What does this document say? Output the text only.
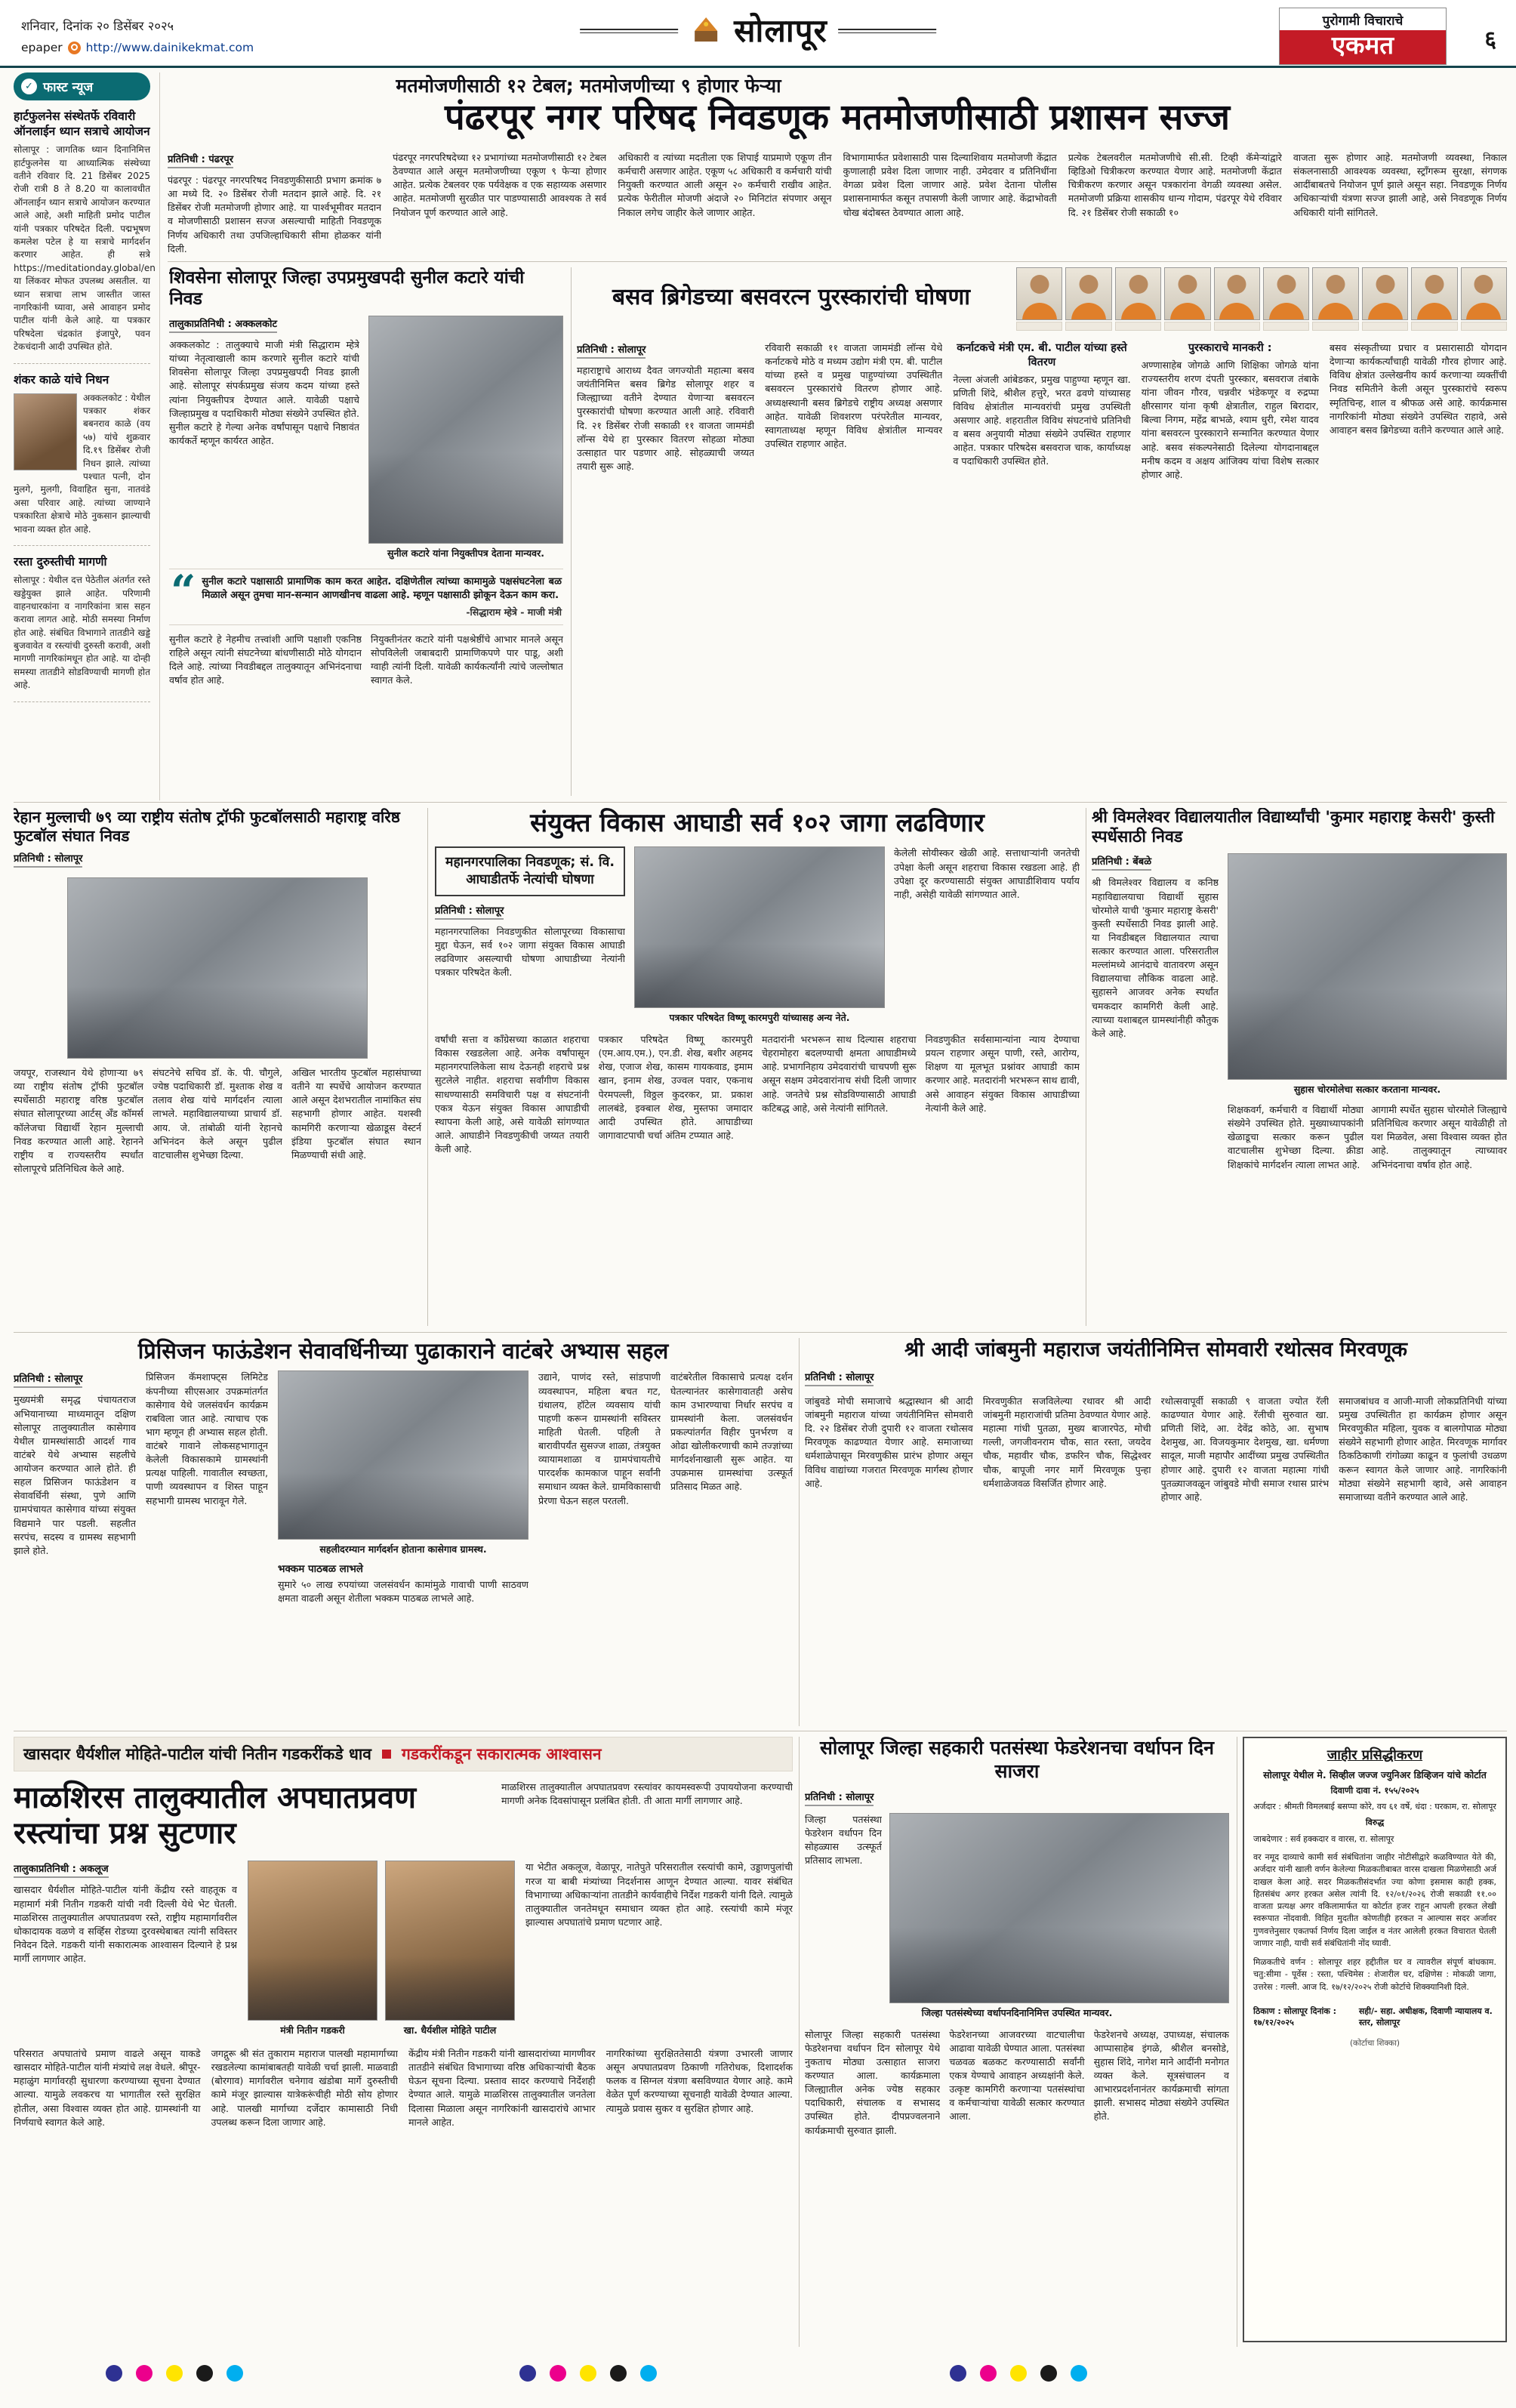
शनिवार, दिनांक २० डिसेंबर २०२५
epaper http://www.dainikekmat.com	सोलापूर	पुरोगामी विचाराचे
एकमत	६
मतमोजणीसाठी १२ टेबल; मतमोजणीच्या ९ होणार फेऱ्या
पंढरपूर नगर परिषद निवडणूक मतमोजणीसाठी प्रशासन सज्ज
प्रतिनिधी : पंढरपूर
पंढरपूर : पंढरपूर नगरपरिषद निवडणुकीसाठी प्रभाग क्रमांक ७ आ मध्ये दि. २० डिसेंबर रोजी मतदान झाले आहे. दि. २१ डिसेंबर रोजी मतमोजणी होणार आहे. या पार्श्वभूमीवर मतदान व मोजणीसाठी प्रशासन सज्ज असल्याची माहिती निवडणूक निर्णय अधिकारी तथा उपजिल्हाधिकारी सीमा होळकर यांनी दिली.
पंढरपूर नगरपरिषदेच्या १२ प्रभागांच्या मतमोजणीसाठी १२ टेबल ठेवण्यात आले असून मतमोजणीच्या एकूण ९ फेऱ्या होणार आहेत. प्रत्येक टेबलवर एक पर्यवेक्षक व एक सहाय्यक असणार आहेत. मतमोजणी सुरळीत पार पाडण्यासाठी आवश्यक ते सर्व नियोजन पूर्ण करण्यात आले आहे.
अधिकारी व त्यांच्या मदतीला एक शिपाई याप्रमाणे एकूण तीन कर्मचारी असणार आहेत. एकूण ५८ अधिकारी व कर्मचारी यांची नियुक्ती करण्यात आली असून २० कर्मचारी राखीव आहेत. प्रत्येक फेरीतील मोजणी अंदाजे २० मिनिटांत संपणार असून निकाल लगेच जाहीर केले जाणार आहेत.
विभागामार्फत प्रवेशासाठी पास दिल्याशिवाय मतमोजणी केंद्रात कुणालाही प्रवेश दिला जाणार नाही. उमेदवार व प्रतिनिधींना वेगळा प्रवेश दिला जाणार आहे. प्रवेश देताना पोलीस प्रशासनामार्फत कसून तपासणी केली जाणार आहे. केंद्राभोवती चोख बंदोबस्त ठेवण्यात आला आहे.
प्रत्येक टेबलवरील मतमोजणीचे सी.सी. टिव्ही कॅमेऱ्यांद्वारे व्हिडिओ चित्रीकरण करण्यात येणार आहे. मतमोजणी केंद्रात चित्रीकरण करणार असून पत्रकारांना वेगळी व्यवस्था असेल. मतमोजणी प्रक्रिया शासकीय धान्य गोदाम, पंढरपूर येथे रविवार दि. २१ डिसेंबर रोजी सकाळी १०
वाजता सुरू होणार आहे. मतमोजणी व्यवस्था, निकाल संकलनासाठी आवश्यक व्यवस्था, स्ट्राँगरूम सुरक्षा, संगणक आदींबाबतचे नियोजन पूर्ण झाले असून सहा. निवडणूक निर्णय अधिकाऱ्यांची यंत्रणा सज्ज झाली आहे, असे निवडणूक निर्णय अधिकारी यांनी सांगितले.
✓ फास्ट न्यूज
हार्टफुलनेस संस्थेतर्फे रविवारी ऑनलाईन ध्यान सत्राचे आयोजन
सोलापूर : जागतिक ध्यान दिनानिमित्त हार्टफुलनेस या आध्यात्मिक संस्थेच्या वतीने रविवार दि. 21 डिसेंबर 2025 रोजी रात्री 8 ते 8.20 या कालावधीत ऑनलाईन ध्यान सत्राचे आयोजन करण्यात आले आहे, अशी माहिती प्रमोद पाटील यांनी पत्रकार परिषदेत दिली. पद्मभूषण कमलेश पटेल हे या सत्राचे मार्गदर्शन करणार आहेत. ही सत्रे https://meditationday.global/en या लिंकवर मोफत उपलब्ध असतील. या ध्यान सत्राचा लाभ जास्तीत जास्त नागरिकांनी घ्यावा, असे आवाहन प्रमोद पाटील यांनी केले आहे. या पत्रकार परिषदेला चंद्रकांत इंजापुरे, पवन टेकचंदानी आदी उपस्थित होते.
शंकर काळे यांचे निधन
अक्कलकोट : येथील पत्रकार शंकर बबनराव काळे (वय ५७) यांचे शुक्रवार दि.१९ डिसेंबर रोजी निधन झाले. त्यांच्या पश्चात पत्नी, दोन मुलगे, मुलगी, विवाहित सुना, नातवंडे असा परिवार आहे. त्यांच्या जाण्याने पत्रकारिता क्षेत्राचे मोठे नुकसान झाल्याची भावना व्यक्त होत आहे.
रस्ता दुरुस्तीची मागणी
सोलापूर : येथील दत्त पेठेतील अंतर्गत रस्ते खड्डेयुक्त झाले आहेत. परिणामी वाहनधारकांना व नागरिकांना त्रास सहन करावा लागत आहे. मोठी समस्या निर्माण होत आहे. संबंधित विभागाने तातडीने खड्डे बुजवावेत व रस्त्यांची दुरुस्ती करावी, अशी मागणी नागरिकांमधून होत आहे. या दोन्ही समस्या तातडीने सोडविण्याची मागणी होत आहे.
शिवसेना सोलापूर जिल्हा उपप्रमुखपदी सुनील कटारे यांची निवड
तालुकाप्रतिनिधी : अक्कलकोट
अक्कलकोट : तालुक्याचे माजी मंत्री सिद्धाराम म्हेत्रे यांच्या नेतृत्वाखाली काम करणारे सुनील कटारे यांची शिवसेना सोलापूर जिल्हा उपप्रमुखपदी निवड झाली आहे. सोलापूर संपर्कप्रमुख संजय कदम यांच्या हस्ते त्यांना नियुक्तीपत्र देण्यात आले. यावेळी पक्षाचे जिल्हाप्रमुख व पदाधिकारी मोठ्या संख्येने उपस्थित होते. सुनील कटारे हे गेल्या अनेक वर्षांपासून पक्षाचे निष्ठावंत कार्यकर्ते म्हणून कार्यरत आहेत.
सुनील कटारे यांना नियुक्तीपत्र देताना मान्यवर.
“ सुनील कटारे पक्षासाठी प्रामाणिक काम करत आहेत. दक्षिणेतील त्यांच्या कामामुळे पक्षसंघटनेला बळ मिळाले असून तुमचा मान-सन्मान आणखीनच वाढला आहे. म्हणून पक्षासाठी झोकून देऊन काम करा.
-सिद्धाराम म्हेत्रे - माजी मंत्री
सुनील कटारे हे नेहमीच तत्त्वांशी आणि पक्षाशी एकनिष्ठ राहिले असून त्यांनी संघटनेच्या बांधणीसाठी मोठे योगदान दिले आहे. त्यांच्या निवडीबद्दल तालुक्यातून अभिनंदनाचा वर्षाव होत आहे.
नियुक्तीनंतर कटारे यांनी पक्षश्रेष्ठींचे आभार मानले असून सोपविलेली जबाबदारी प्रामाणिकपणे पार पाडू, अशी ग्वाही त्यांनी दिली. यावेळी कार्यकर्त्यांनी त्यांचे जल्लोषात स्वागत केले.
बसव ब्रिगेडच्या बसवरत्न पुरस्कारांची घोषणा
प्रतिनिधी : सोलापूर
महाराष्ट्राचे आराध्य दैवत जगज्योती महात्मा बसव जयंतीनिमित्त बसव ब्रिगेड सोलापूर शहर व जिल्ह्याच्या वतीने देण्यात येणाऱ्या बसवरत्न पुरस्कारांची घोषणा करण्यात आली आहे. रविवारी दि. २१ डिसेंबर रोजी सकाळी ११ वाजता जाममंडी लॉन्स येथे हा पुरस्कार वितरण सोहळा मोठ्या उत्साहात पार पडणार आहे. सोहळ्याची जय्यत तयारी सुरू आहे.
रविवारी सकाळी ११ वाजता जाममंडी लॉन्स येथे कर्नाटकचे मोठे व मध्यम उद्योग मंत्री एम. बी. पाटील यांच्या हस्ते व प्रमुख पाहुण्यांच्या उपस्थितीत बसवरत्न पुरस्कारांचे वितरण होणार आहे. अध्यक्षस्थानी बसव ब्रिगेडचे राष्ट्रीय अध्यक्ष असणार आहेत. यावेळी शिवशरण परंपरेतील मान्यवर, स्वागताध्यक्ष म्हणून विविध क्षेत्रांतील मान्यवर उपस्थित राहणार आहेत.
कर्नाटकचे मंत्री एम. बी. पाटील यांच्या हस्ते वितरण
नेल्ला अंजली आंबेडकर, प्रमुख पाहुण्या म्हणून खा. प्रणिती शिंदे, श्रीशैल हत्तुरे, भरत ढवणे यांच्यासह विविध क्षेत्रांतील मान्यवरांची प्रमुख उपस्थिती असणार आहे. शहरातील विविध संघटनांचे प्रतिनिधी व बसव अनुयायी मोठ्या संख्येने उपस्थित राहणार आहेत. पत्रकार परिषदेस बसवराज चाक, कार्याध्यक्ष व पदाधिकारी उपस्थित होते.
पुरस्काराचे मानकरी :
अण्णासाहेब जोगळे आणि शिक्षिका जोगळे यांना राज्यस्तरीय शरण दंपती पुरस्कार, बसवराज तंबाके यांना जीवन गौरव, चन्नवीर भंडेकणूर व रुद्रप्पा क्षीरसागर यांना कृषी क्षेत्रातील, राहुल बिरादार, बिल्वा निगम, महेंद्र बाभळे, श्याम धुरी, रमेश यादव यांना बसवरत्न पुरस्काराने सन्मानित करण्यात येणार आहे. बसव संकल्पनेसाठी दिलेल्या योगदानाबद्दल मनीष कदम व अक्षय आंजिक्य यांचा विशेष सत्कार होणार आहे.
बसव संस्कृतीच्या प्रचार व प्रसारासाठी योगदान देणाऱ्या कार्यकर्त्यांचाही यावेळी गौरव होणार आहे. विविध क्षेत्रांत उल्लेखनीय कार्य करणाऱ्या व्यक्तींची निवड समितीने केली असून पुरस्कारांचे स्वरूप स्मृतिचिन्ह, शाल व श्रीफळ असे आहे. कार्यक्रमास नागरिकांनी मोठ्या संख्येने उपस्थित राहावे, असे आवाहन बसव ब्रिगेडच्या वतीने करण्यात आले आहे.
रेहान मुल्लाची ७९ व्या राष्ट्रीय संतोष ट्रॉफी फुटबॉलसाठी महाराष्ट्र वरिष्ठ फुटबॉल संघात निवड
प्रतिनिधी : सोलापूर
जयपूर, राजस्थान येथे होणाऱ्या ७९ व्या राष्ट्रीय संतोष ट्रॉफी फुटबॉल स्पर्धेसाठी महाराष्ट्र वरिष्ठ फुटबॉल संघात सोलापूरच्या आर्टस् अँड कॉमर्स कॉलेजचा विद्यार्थी रेहान मुल्लाची निवड करण्यात आली आहे. रेहानने राष्ट्रीय व राज्यस्तरीय स्पर्धांत सोलापूरचे प्रतिनिधित्व केले आहे.
संघटनेचे सचिव डॉ. के. पी. चौगुले, ज्येष्ठ पदाधिकारी डॉ. मुश्ताक शेख व तलाव शेख यांचे मार्गदर्शन त्याला लाभले. महाविद्यालयाच्या प्राचार्य डॉ. आय. जे. तांबोळी यांनी रेहानचे अभिनंदन केले असून पुढील वाटचालीस शुभेच्छा दिल्या.
अखिल भारतीय फुटबॉल महासंघाच्या वतीने या स्पर्धेचे आयोजन करण्यात आले असून देशभरातील नामांकित संघ सहभागी होणार आहेत. यशस्वी कामगिरी करणाऱ्या खेळाडूस वेस्टर्न इंडिया फुटबॉल संघात स्थान मिळण्याची संधी आहे.
संयुक्त विकास आघाडी सर्व १०२ जागा लढविणार
महानगरपालिका निवडणूक; सं. वि. आघाडीतर्फे नेत्यांची घोषणा
प्रतिनिधी : सोलापूर
महानगरपालिका निवडणुकीत सोलापूरच्या विकासाचा मुद्दा घेऊन, सर्व १०२ जागा संयुक्त विकास आघाडी लढविणार असल्याची घोषणा आघाडीच्या नेत्यांनी पत्रकार परिषदेत केली.
पत्रकार परिषदेत विष्णू कारमपुरी यांच्यासह अन्य नेते.
केलेली सोयीस्कर खेळी आहे. सत्ताधाऱ्यांनी जनतेची उपेक्षा केली असून शहराचा विकास रखडला आहे. ही उपेक्षा दूर करण्यासाठी संयुक्त आघाडीशिवाय पर्याय नाही, असेही यावेळी सांगण्यात आले.
वर्षांची सत्ता व काँग्रेसच्या काळात शहराचा विकास रखडलेला आहे. अनेक वर्षांपासून महानगरपालिकेला साथ देऊनही शहराचे प्रश्न सुटलेले नाहीत. शहराचा सर्वांगीण विकास साधण्यासाठी समविचारी पक्ष व संघटनांनी एकत्र येऊन संयुक्त विकास आघाडीची स्थापना केली आहे, असे यावेळी सांगण्यात आले. आघाडीने निवडणुकीची जय्यत तयारी केली आहे.
पत्रकार परिषदेत विष्णू कारमपुरी (एम.आय.एम.), एन.डी. शेख, बशीर अहमद शेख, एजाज शेख, कासम गायकवाड, इमाम खान, इनाम शेख, उज्वल पवार, एकनाथ पेरमपल्ली, विठ्ठल कुदरकर, प्रा. प्रकाश लालबंडे, इक्बाल शेख, मुस्तफा जमादार आदी उपस्थित होते. आघाडीच्या जागावाटपाची चर्चा अंतिम टप्प्यात आहे.
मतदारांनी भरभरून साथ दिल्यास शहराचा चेहरामोहरा बदलण्याची क्षमता आघाडीमध्ये आहे. प्रभागनिहाय उमेदवारांची चाचपणी सुरू असून सक्षम उमेदवारांनाच संधी दिली जाणार आहे. जनतेचे प्रश्न सोडविण्यासाठी आघाडी कटिबद्ध आहे, असे नेत्यांनी सांगितले.
निवडणुकीत सर्वसामान्यांना न्याय देण्याचा प्रयत्न राहणार असून पाणी, रस्ते, आरोग्य, शिक्षण या मूलभूत प्रश्नांवर आघाडी काम करणार आहे. मतदारांनी भरभरून साथ द्यावी, असे आवाहन संयुक्त विकास आघाडीच्या नेत्यांनी केले आहे.
श्री विमलेश्वर विद्यालयातील विद्यार्थ्यांची 'कुमार महाराष्ट्र केसरी' कुस्ती स्पर्धेसाठी निवड
प्रतिनिधी : बेंबळे
श्री विमलेश्वर विद्यालय व कनिष्ठ महाविद्यालयाचा विद्यार्थी सुहास चोरमोले याची 'कुमार महाराष्ट्र केसरी' कुस्ती स्पर्धेसाठी निवड झाली आहे. या निवडीबद्दल विद्यालयात त्याचा सत्कार करण्यात आला. परिसरातील मल्लांमध्ये आनंदाचे वातावरण असून विद्यालयाचा लौकिक वाढला आहे. सुहासने आजवर अनेक स्पर्धांत चमकदार कामगिरी केली आहे. त्याच्या यशाबद्दल ग्रामस्थांनीही कौतुक केले आहे.
सुहास चोरमोलेचा सत्कार करताना मान्यवर.
शिक्षकवर्ग, कर्मचारी व विद्यार्थी मोठ्या संख्येने उपस्थित होते. मुख्याध्यापकांनी खेळाडूचा सत्कार करून पुढील वाटचालीस शुभेच्छा दिल्या. क्रीडा शिक्षकांचे मार्गदर्शन त्याला लाभत आहे.
आगामी स्पर्धेत सुहास चोरमोले जिल्ह्याचे प्रतिनिधित्व करणार असून यावेळीही तो यश मिळवेल, असा विश्वास व्यक्त होत आहे. तालुक्यातून त्याच्यावर अभिनंदनाचा वर्षाव होत आहे.
प्रिसिजन फाऊंडेशन सेवावर्धिनीच्या पुढाकाराने वाटंबरे अभ्यास सहल
प्रतिनिधी : सोलापूर
मुख्यमंत्री समृद्ध पंचायतराज अभियानाच्या माध्यमातून दक्षिण सोलापूर तालुक्यातील कासेगाव येथील ग्रामस्थांसाठी आदर्श गाव वाटंबरे येथे अभ्यास सहलीचे आयोजन करण्यात आले होते. ही सहल प्रिसिजन फाऊंडेशन व सेवावर्धिनी संस्था, पुणे आणि ग्रामपंचायत कासेगाव यांच्या संयुक्त विद्यमाने पार पडली. सहलीत सरपंच, सदस्य व ग्रामस्थ सहभागी झाले होते.
प्रिसिजन कॅमशाफ्ट्स लिमिटेड कंपनीच्या सीएसआर उपक्रमांतर्गत कासेगाव येथे जलसंवर्धन कार्यक्रम राबविला जात आहे. त्याचाच एक भाग म्हणून ही अभ्यास सहल होती. वाटंबरे गावाने लोकसहभागातून केलेली विकासकामे ग्रामस्थांनी प्रत्यक्ष पाहिली. गावातील स्वच्छता, पाणी व्यवस्थापन व शिस्त पाहून सहभागी ग्रामस्थ भारावून गेले.
सहलीदरम्यान मार्गदर्शन होताना कासेगाव ग्रामस्थ.
भक्कम पाठबळ लाभले
सुमारे ५० लाख रुपयांच्या जलसंवर्धन कामांमुळे गावाची पाणी साठवण क्षमता वाढली असून शेतीला भक्कम पाठबळ लाभले आहे.
उद्याने, पाणंद रस्ते, सांडपाणी व्यवस्थापन, महिला बचत गट, ग्रंथालय, हॉटेल व्यवसाय यांची पाहणी करून ग्रामस्थांनी सविस्तर माहिती घेतली. पहिली ते बारावीपर्यंत सुसज्ज शाळा, तंत्रयुक्त व्यायामशाळा व ग्रामपंचायतीचे पारदर्शक कामकाज पाहून सर्वांनी समाधान व्यक्त केले. ग्रामविकासाची प्रेरणा घेऊन सहल परतली.
वाटंबरेतील विकासाचे प्रत्यक्ष दर्शन घेतल्यानंतर कासेगावातही असेच काम उभारण्याचा निर्धार सरपंच व ग्रामस्थांनी केला. जलसंवर्धन प्रकल्पांतर्गत विहीर पुनर्भरण व ओढा खोलीकरणाची कामे तज्ज्ञांच्या मार्गदर्शनाखाली सुरू आहेत. या उपक्रमास ग्रामस्थांचा उत्स्फूर्त प्रतिसाद मिळत आहे.
श्री आदी जांबमुनी महाराज जयंतीनिमित्त सोमवारी रथोत्सव मिरवणूक
प्रतिनिधी : सोलापूर
जांबुवडे मोची समाजाचे श्रद्धास्थान श्री आदी जांबमुनी महाराज यांच्या जयंतीनिमित्त सोमवारी दि. २२ डिसेंबर रोजी दुपारी १२ वाजता रथोत्सव मिरवणूक काढण्यात येणार आहे. समाजाच्या धर्मशाळेपासून मिरवणुकीस प्रारंभ होणार असून विविध वाद्यांच्या गजरात मिरवणूक मार्गस्थ होणार आहे.
मिरवणुकीत सजविलेल्या रथावर श्री आदी जांबमुनी महाराजांची प्रतिमा ठेवण्यात येणार आहे. महात्मा गांधी पुतळा, मुख्य बाजारपेठ, मोची गल्ली, जगजीवनराम चौक, सात रस्ता, जयदेव चौक, महावीर चौक, डफरिन चौक, सिद्धेश्वर चौक, बापूजी नगर मार्गे मिरवणूक पुन्हा धर्मशाळेजवळ विसर्जित होणार आहे.
रथोत्सवापूर्वी सकाळी ९ वाजता ज्योत रॅली काढण्यात येणार आहे. रॅलीची सुरुवात खा. प्रणिती शिंदे, आ. देवेंद्र कोठे, आ. सुभाष देशमुख, आ. विजयकुमार देशमुख, खा. धर्मण्णा सादूल, माजी महापौर आदींच्या प्रमुख उपस्थितीत होणार आहे. दुपारी १२ वाजता महात्मा गांधी पुतळ्याजवळून जांबुवडे मोची समाज रथास प्रारंभ होणार आहे.
समाजबांधव व आजी-माजी लोकप्रतिनिधी यांच्या प्रमुख उपस्थितीत हा कार्यक्रम होणार असून मिरवणुकीत महिला, युवक व बालगोपाळ मोठ्या संख्येने सहभागी होणार आहेत. मिरवणूक मार्गावर ठिकठिकाणी रांगोळ्या काढून व फुलांची उधळण करून स्वागत केले जाणार आहे. नागरिकांनी मोठ्या संख्येने सहभागी व्हावे, असे आवाहन समाजाच्या वतीने करण्यात आले आहे.
जाहीर प्रसिद्धीकरण
सोलापूर येथील मे. सिव्हील जज्ज ज्युनिअर डिव्हिजन यांचे कोर्टात
दिवाणी दावा नं. १५५/२०२५
अर्जदार : श्रीमती विमलबाई बसप्पा कोरे, वय ६१ वर्षे, धंदा : घरकाम, रा. सोलापूर
विरुद्ध
जाबदेणार : सर्व हक्कदार व वारस, रा. सोलापूर
वर नमूद दाव्याचे कामी सर्व संबंधितांना जाहीर नोटीसीद्वारे कळविण्यात येते की, अर्जदार यांनी खाली वर्णन केलेल्या मिळकतीबाबत वारस दाखला मिळणेसाठी अर्ज दाखल केला आहे. सदर मिळकतीसंदर्भात ज्या कोणा इसमास काही हक्क, हितसंबंध अगर हरकत असेल त्यांनी दि. १२/०१/२०२६ रोजी सकाळी ११.०० वाजता प्रत्यक्ष अगर वकिलामार्फत या कोर्टात हजर राहून आपली हरकत लेखी स्वरूपात नोंदवावी. विहित मुदतीत कोणतीही हरकत न आल्यास सदर अर्जावर गुणवत्तेनुसार एकतर्फा निर्णय दिला जाईल व नंतर आलेली हरकत विचारात घेतली जाणार नाही, याची सर्व संबंधितांनी नोंद घ्यावी.
मिळकतीचे वर्णन : सोलापूर शहर हद्दीतील घर व त्यावरील संपूर्ण बांधकाम. चतु:सीमा - पूर्वेस : रस्ता, पश्चिमेस : शेजारील घर, दक्षिणेस : मोकळी जागा, उत्तरेस : गल्ली. आज दि. १७/१२/२०२५ रोजी कोर्टाचे शिक्क्यानिशी दिले.
ठिकाण : सोलापूर दिनांक : १७/१२/२०२५
सही/- सहा. अधीक्षक, दिवाणी न्यायालय व. स्तर, सोलापूर
(कोर्टाचा शिक्का)
खासदार धैर्यशील मोहिते-पाटील यांची नितीन गडकरींकडे धाव गडकरींकडून सकारात्मक आश्वासन
माळशिरस तालुक्यातील अपघातप्रवण रस्त्यांचा प्रश्न सुटणार
माळशिरस तालुक्यातील अपघातप्रवण रस्त्यांवर कायमस्वरूपी उपाययोजना करण्याची मागणी अनेक दिवसांपासून प्रलंबित होती. ती आता मार्गी लागणार आहे.
तालुकाप्रतिनिधी : अकलूज
खासदार धैर्यशील मोहिते-पाटील यांनी केंद्रीय रस्ते वाहतूक व महामार्ग मंत्री नितीन गडकरी यांची नवी दिल्ली येथे भेट घेतली. माळशिरस तालुक्यातील अपघातप्रवण रस्ते, राष्ट्रीय महामार्गावरील धोकादायक वळणे व सर्व्हिस रोडच्या दुरवस्थेबाबत त्यांनी सविस्तर निवेदन दिले. गडकरी यांनी सकारात्मक आश्वासन दिल्याने हे प्रश्न मार्गी लागणार आहेत.
मंत्री नितीन गडकरी	खा. धैर्यशील मोहिते पाटील
या भेटीत अकलूज, वेळापूर, नातेपुते परिसरातील रस्त्यांची कामे, उड्डाणपुलांची गरज या बाबी मंत्र्यांच्या निदर्शनास आणून देण्यात आल्या. यावर संबंधित विभागाच्या अधिकाऱ्यांना तातडीने कार्यवाहीचे निर्देश गडकरी यांनी दिले. त्यामुळे तालुक्यातील जनतेमधून समाधान व्यक्त होत आहे. रस्त्यांची कामे मंजूर झाल्यास अपघातांचे प्रमाण घटणार आहे.
परिसरात अपघातांचे प्रमाण वाढले असून याकडे खासदार मोहिते-पाटील यांनी मंत्र्यांचे लक्ष वेधले. श्रीपूर-महाळुंग मार्गावरही सुधारणा करण्याच्या सूचना देण्यात आल्या. यामुळे लवकरच या भागातील रस्ते सुरक्षित होतील, असा विश्वास व्यक्त होत आहे. ग्रामस्थांनी या निर्णयाचे स्वागत केले आहे.
जगद्गुरू श्री संत तुकाराम महाराज पालखी महामार्गाच्या रखडलेल्या कामांबाबतही यावेळी चर्चा झाली. माळवाडी (बोरगाव) मार्गावरील चनेगाव खंडोबा मार्गे दुरुस्तीची कामे मंजूर झाल्यास यात्रेकरूंचीही मोठी सोय होणार आहे. पालखी मार्गाच्या दर्जेदार कामासाठी निधी उपलब्ध करून दिला जाणार आहे.
केंद्रीय मंत्री नितीन गडकरी यांनी खासदारांच्या मागणीवर तातडीने संबंधित विभागाच्या वरिष्ठ अधिकाऱ्यांची बैठक घेऊन सूचना दिल्या. प्रस्ताव सादर करण्याचे निर्देशही देण्यात आले. यामुळे माळशिरस तालुक्यातील जनतेला दिलासा मिळाला असून नागरिकांनी खासदारांचे आभार मानले आहेत.
नागरिकांच्या सुरक्षिततेसाठी यंत्रणा उभारली जाणार असून अपघातप्रवण ठिकाणी गतिरोधक, दिशादर्शक फलक व सिग्नल यंत्रणा बसविण्यात येणार आहे. कामे वेळेत पूर्ण करण्याच्या सूचनाही यावेळी देण्यात आल्या. त्यामुळे प्रवास सुकर व सुरक्षित होणार आहे.
सोलापूर जिल्हा सहकारी पतसंस्था फेडरेशनचा वर्धापन दिन साजरा
प्रतिनिधी : सोलापूर
जिल्हा पतसंस्था फेडरेशन वर्धापन दिन सोहळ्यास उत्स्फूर्त प्रतिसाद लाभला.
जिल्हा पतसंस्थेच्या वर्धापनदिनानिमित्त उपस्थित मान्यवर.
सोलापूर जिल्हा सहकारी पतसंस्था फेडरेशनचा वर्धापन दिन सोलापूर येथे नुकताच मोठ्या उत्साहात साजरा करण्यात आला. कार्यक्रमाला जिल्ह्यातील अनेक ज्येष्ठ सहकार पदाधिकारी, संचालक व सभासद उपस्थित होते. दीपप्रज्वलनाने कार्यक्रमाची सुरुवात झाली.
फेडरेशनच्या आजवरच्या वाटचालीचा आढावा यावेळी घेण्यात आला. पतसंस्था चळवळ बळकट करण्यासाठी सर्वांनी एकत्र येण्याचे आवाहन अध्यक्षांनी केले. उत्कृष्ट कामगिरी करणाऱ्या पतसंस्थांचा व कर्मचाऱ्यांचा यावेळी सत्कार करण्यात आला.
फेडरेशनचे अध्यक्ष, उपाध्यक्ष, संचालक आप्पासाहेब इंगळे, श्रीशैल बनसोडे, सुहास शिंदे, नागेश माने आदींनी मनोगत व्यक्त केले. सूत्रसंचालन व आभारप्रदर्शनानंतर कार्यक्रमाची सांगता झाली. सभासद मोठ्या संख्येने उपस्थित होते.
